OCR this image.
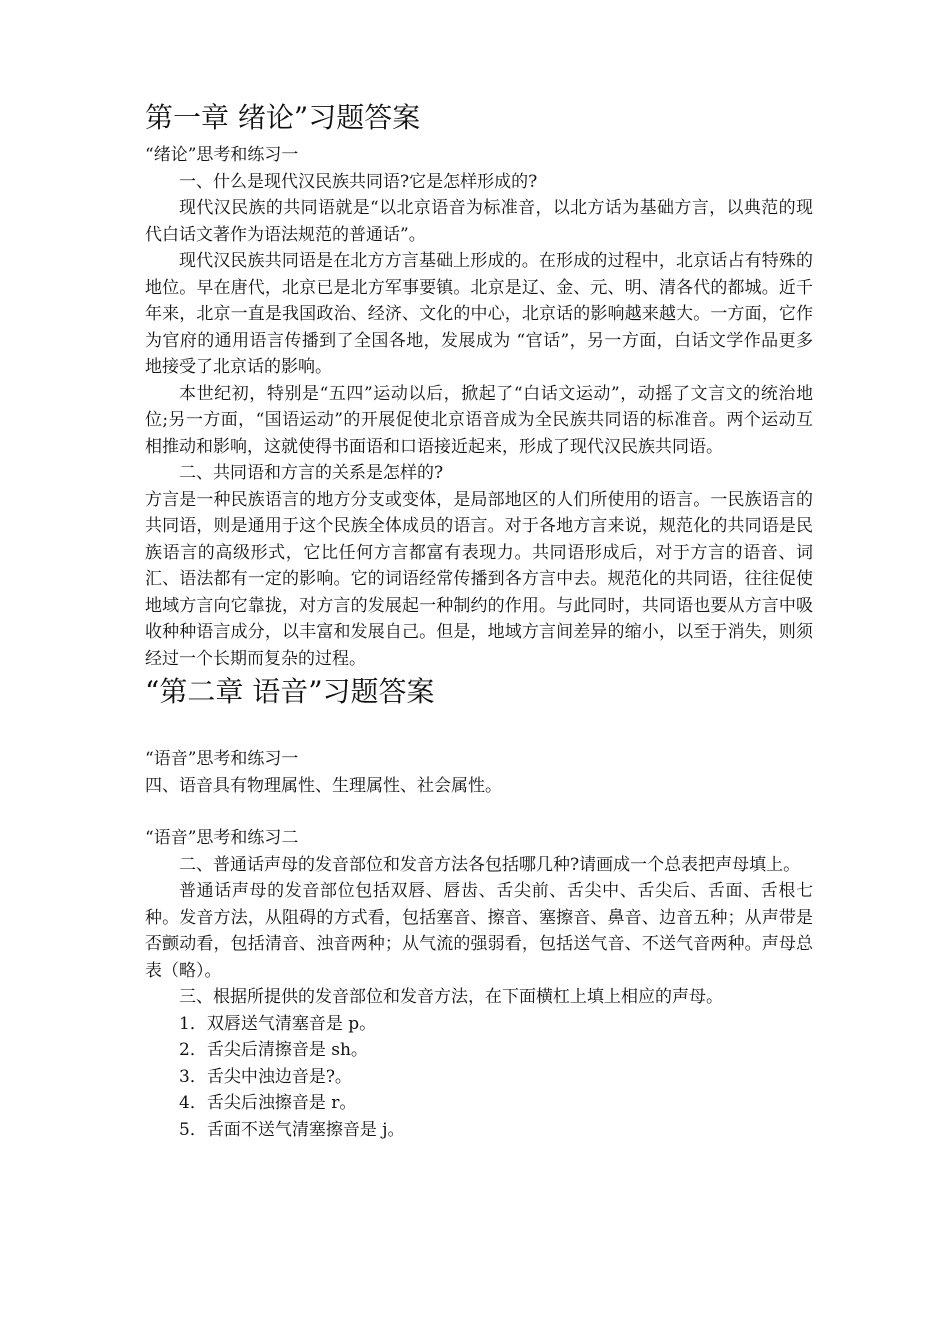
第一章 绪论”习题答案

“绪论”思考和练习一

一、什么是现代汉民族共同语?它是怎样形成的?

现代汉民族的共同语就是“以北京语音为标准音，以北方话为基础方言，以典范的现代白话文著作为语法规范的普通话”。

现代汉民族共同语是在北方方言基础上形成的。在形成的过程中，北京话占有特殊的地位。早在唐代，北京已是北方军事要镇。北京是辽、金、元、明、清各代的都城。近千年来，北京一直是我国政治、经济、文化的中心，北京话的影响越来越大。一方面，它作为官府的通用语言传播到了全国各地，发展成为 “官话”，另一方面，白话文学作品更多地接受了北京话的影响。

本世纪初，特别是“五四”运动以后，掀起了“白话文运动”，动摇了文言文的统治地位;另一方面，“国语运动”的开展促使北京语音成为全民族共同语的标准音。两个运动互相推动和影响，这就使得书面语和口语接近起来，形成了现代汉民族共同语。

二、共同语和方言的关系是怎样的?

方言是一种民族语言的地方分支或变体，是局部地区的人们所使用的语言。一民族语言的共同语，则是通用于这个民族全体成员的语言。对于各地方言来说，规范化的共同语是民族语言的高级形式，它比任何方言都富有表现力。共同语形成后，对于方言的语音、词汇、语法都有一定的影响。它的词语经常传播到各方言中去。规范化的共同语，往往促使地域方言向它靠拢，对方言的发展起一种制约的作用。与此同时，共同语也要从方言中吸收种种语言成分，以丰富和发展自己。但是，地域方言间差异的缩小，以至于消失，则须经过一个长期而复杂的过程。

“第二章 语音”习题答案

“语音”思考和练习一

四、语音具有物理属性、生理属性、社会属性。

“语音”思考和练习二

二、普通话声母的发音部位和发音方法各包括哪几种?请画成一个总表把声母填上。

普通话声母的发音部位包括双唇、唇齿、舌尖前、舌尖中、舌尖后、舌面、舌根七种。发音方法，从阻碍的方式看，包括塞音、擦音、塞擦音、鼻音、边音五种；从声带是否颤动看，包括清音、浊音两种；从气流的强弱看，包括送气音、不送气音两种。声母总表（略）。

三、根据所提供的发音部位和发音方法，在下面横杠上填上相应的声母。

1．双唇送气清塞音是 p。

2．舌尖后清擦音是 sh。

3．舌尖中浊边音是?。

4．舌尖后浊擦音是 r。

5．舌面不送气清塞擦音是 j。
